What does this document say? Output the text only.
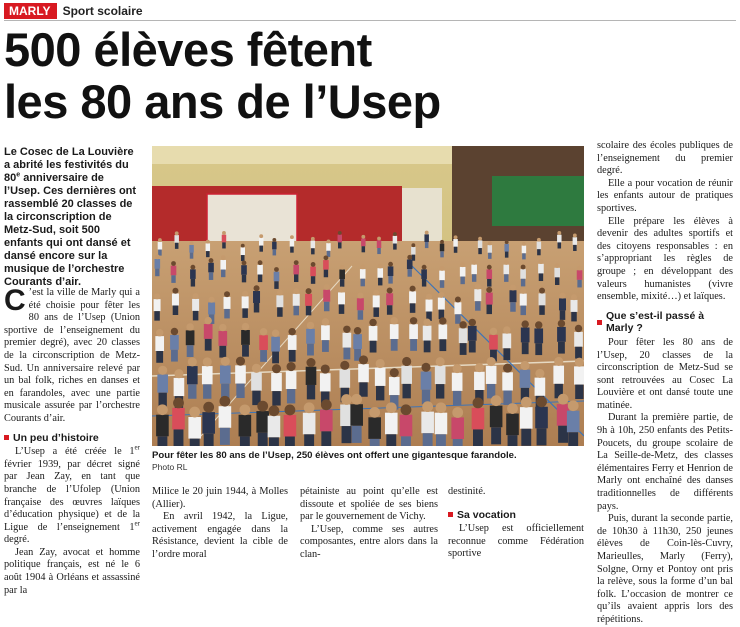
MARLY	Sport scolaire
500 élèves fêtent
les 80 ans de l’Usep

Le Cosec de La Louvière a abrité les festivités du 80e anniversaire de l’Usep. Ces dernières ont rassemblé 20 classes de la circonscription de Metz-Sud, soit 500 enfants qui ont dansé et dansé encore sur la musique de l’orchestre Courants d’air.

C ’est la ville de Marly qui a été choisie pour fêter les 80 ans de l’Usep (Union sportive de l’enseignement du premier degré), avec 20 classes de la circonscription de Metz-Sud. Un anniversaire relevé par un bal folk, riches en danses et en farandoles, avec une partie musicale assurée par l’orchestre Courants d’air.

Un peu d’histoire

L’Usep a été créée le 1er février 1939, par décret signé par Jean Zay, en tant que branche de l’Ufolep (Union française des œuvres laïques d’éducation physique) et de la Ligue de l’enseignement 1er degré.

Jean Zay, avocat et homme politique français, est né le 6 août 1904 à Orléans et assassiné par la

Pour fêter les 80 ans de l’Usep, 250 élèves ont offert une gigantesque farandole.

Photo RL

Milice le 20 juin 1944, à Molles (Allier).

En avril 1942, la Ligue, activement engagée dans la Résistance, devient la cible de l’ordre moral

pétainiste au point qu’elle est dissoute et spoliée de ses biens par le gouvernement de Vichy.

L’Usep, comme ses autres composantes, entre alors dans la clan-

destinité.

Sa vocation

L’Usep est officiellement reconnue comme Fédération sportive

scolaire des écoles publiques de l’enseignement du premier degré.

Elle a pour vocation de réunir les enfants autour de pratiques sportives.

Elle prépare les élèves à devenir des adultes sportifs et des citoyens responsables : en s’appropriant les règles de groupe ; en développant des valeurs humanistes (vivre ensemble, mixité…) et laïques.

Que s’est-il passé à Marly ?

Pour fêter les 80 ans de l’Usep, 20 classes de la circonscription de Metz-Sud se sont retrouvées au Cosec La Louvière et ont dansé toute une matinée.

Durant la première partie, de 9h à 10h, 250 enfants des Petits-Poucets, du groupe scolaire de La Seille-de-Metz, des classes élémentaires Ferry et Henrion de Marly ont enchaîné des danses traditionnelles de différents pays.

Puis, durant la seconde partie, de 10h30 à 11h30, 250 jeunes élèves de Coin-lès-Cuvry, Marieulles, Marly (Ferry), Solgne, Orny et Pontoy ont pris la relève, sous la forme d’un bal folk. L’occasion de montrer ce qu’ils avaient appris lors des répétitions.
